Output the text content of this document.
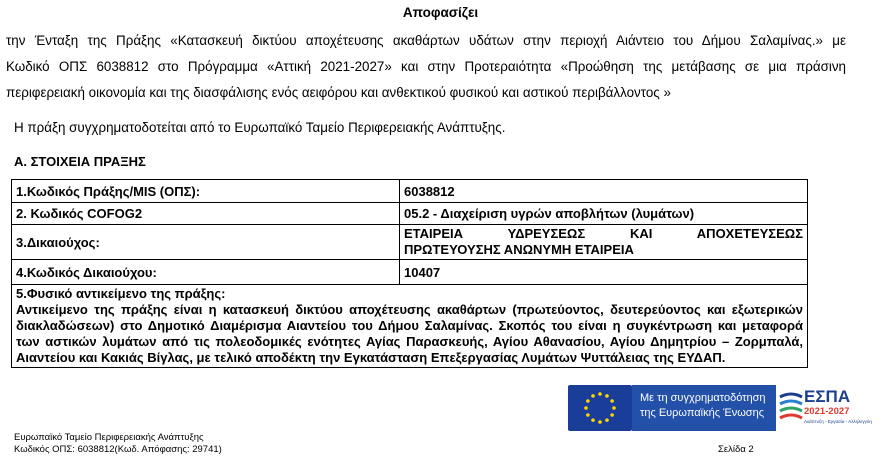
Αποφασίζει
την Ένταξη της Πράξης «Κατασκευή δικτύου αποχέτευσης ακαθάρτων υδάτων στην περιοχή Αιάντειο του Δήμου Σαλαμίνας.» με
Κωδικό ΟΠΣ 6038812 στο Πρόγραμμα «Αττική 2021-2027» και στην Προτεραιότητα «Προώθηση της μετάβασης σε μια πράσινη
περιφερειακή οικονομία και της διασφάλισης ενός αειφόρου και ανθεκτικού φυσικού και αστικού περιβάλλοντος »
Η πράξη συγχρηματοδοτείται από το Ευρωπαϊκό Ταμείο Περιφερειακής Ανάπτυξης.
Α. ΣΤΟΙΧΕΙΑ ΠΡΑΞΗΣ
1.Κωδικός Πράξης/MIS (ΟΠΣ):	6038812
2. Κωδικός COFOG2	05.2 - Διαχείριση υγρών αποβλήτων (λυμάτων)
3.Δικαιούχος:	ΕΤΑΙΡΕΙΑ ΥΔΡΕΥΣΕΩΣ ΚΑΙ ΑΠΟΧΕΤΕΥΣΕΩΣ
ΠΡΩΤΕΥΟΥΣΗΣ ΑΝΩΝΥΜΗ ΕΤΑΙΡΕΙΑ

4.Κωδικός Δικαιούχου:	10407

5.Φυσικό αντικείμενο της πράξης:
Αντικείμενο της πράξης είναι η κατασκευή δικτύου αποχέτευσης ακαθάρτων (πρωτεύοντος, δευτερεύοντος και εξωτερικών
διακλαδώσεων) στο Δημοτικό Διαμέρισμα Αιαντείου του Δήμου Σαλαμίνας. Σκοπός του είναι η συγκέντρωση και μεταφορά
των αστικών λυμάτων από τις πολεοδομικές ενότητες Αγίας Παρασκευής, Αγίου Αθανασίου, Αγίου Δημητρίου – Ζορμπαλά,
Αιαντείου και Κακιάς Βίγλας, με τελικό αποδέκτη την Εγκατάσταση Επεξεργασίας Λυμάτων Ψυττάλειας της ΕΥΔΑΠ.	
Με τη συγχρηματοδότηση
της Ευρωπαϊκής Ένωσης
ΕΣΠΑ
2021-2027
Ανάπτυξη - Εργασία - Αλληλεγγύη
Ευρωπαϊκό Ταμείο Περιφερειακής Ανάπτυξης
Κωδικός ΟΠΣ: 6038812(Κωδ. Απόφασης: 29741)	Σελίδα 2
